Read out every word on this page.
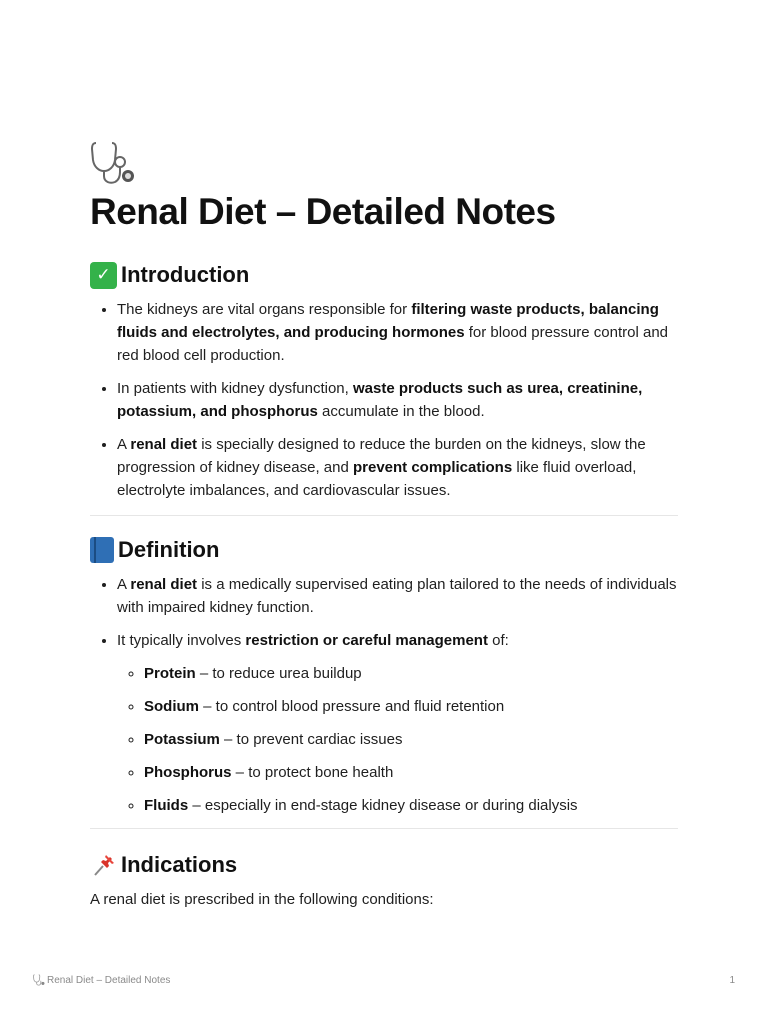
Renal Diet – Detailed Notes
✓ Introduction
• The kidneys are vital organs responsible for filtering waste products, balancing fluids and electrolytes, and producing hormones for blood pressure control and red blood cell production.
• In patients with kidney dysfunction, waste products such as urea, creatinine, potassium, and phosphorus accumulate in the blood.
• A renal diet is specially designed to reduce the burden on the kidneys, slow the progression of kidney disease, and prevent complications like fluid overload, electrolyte imbalances, and cardiovascular issues.
Definition
• A renal diet is a medically supervised eating plan tailored to the needs of individuals with impaired kidney function.
• It typically involves restriction or careful management of:
◦ Protein – to reduce urea buildup
◦ Sodium – to control blood pressure and fluid retention
◦ Potassium – to prevent cardiac issues
◦ Phosphorus – to protect bone health
◦ Fluids – especially in end-stage kidney disease or during dialysis
Indications

A renal diet is prescribed in the following conditions:

Renal Diet – Detailed Notes	1
